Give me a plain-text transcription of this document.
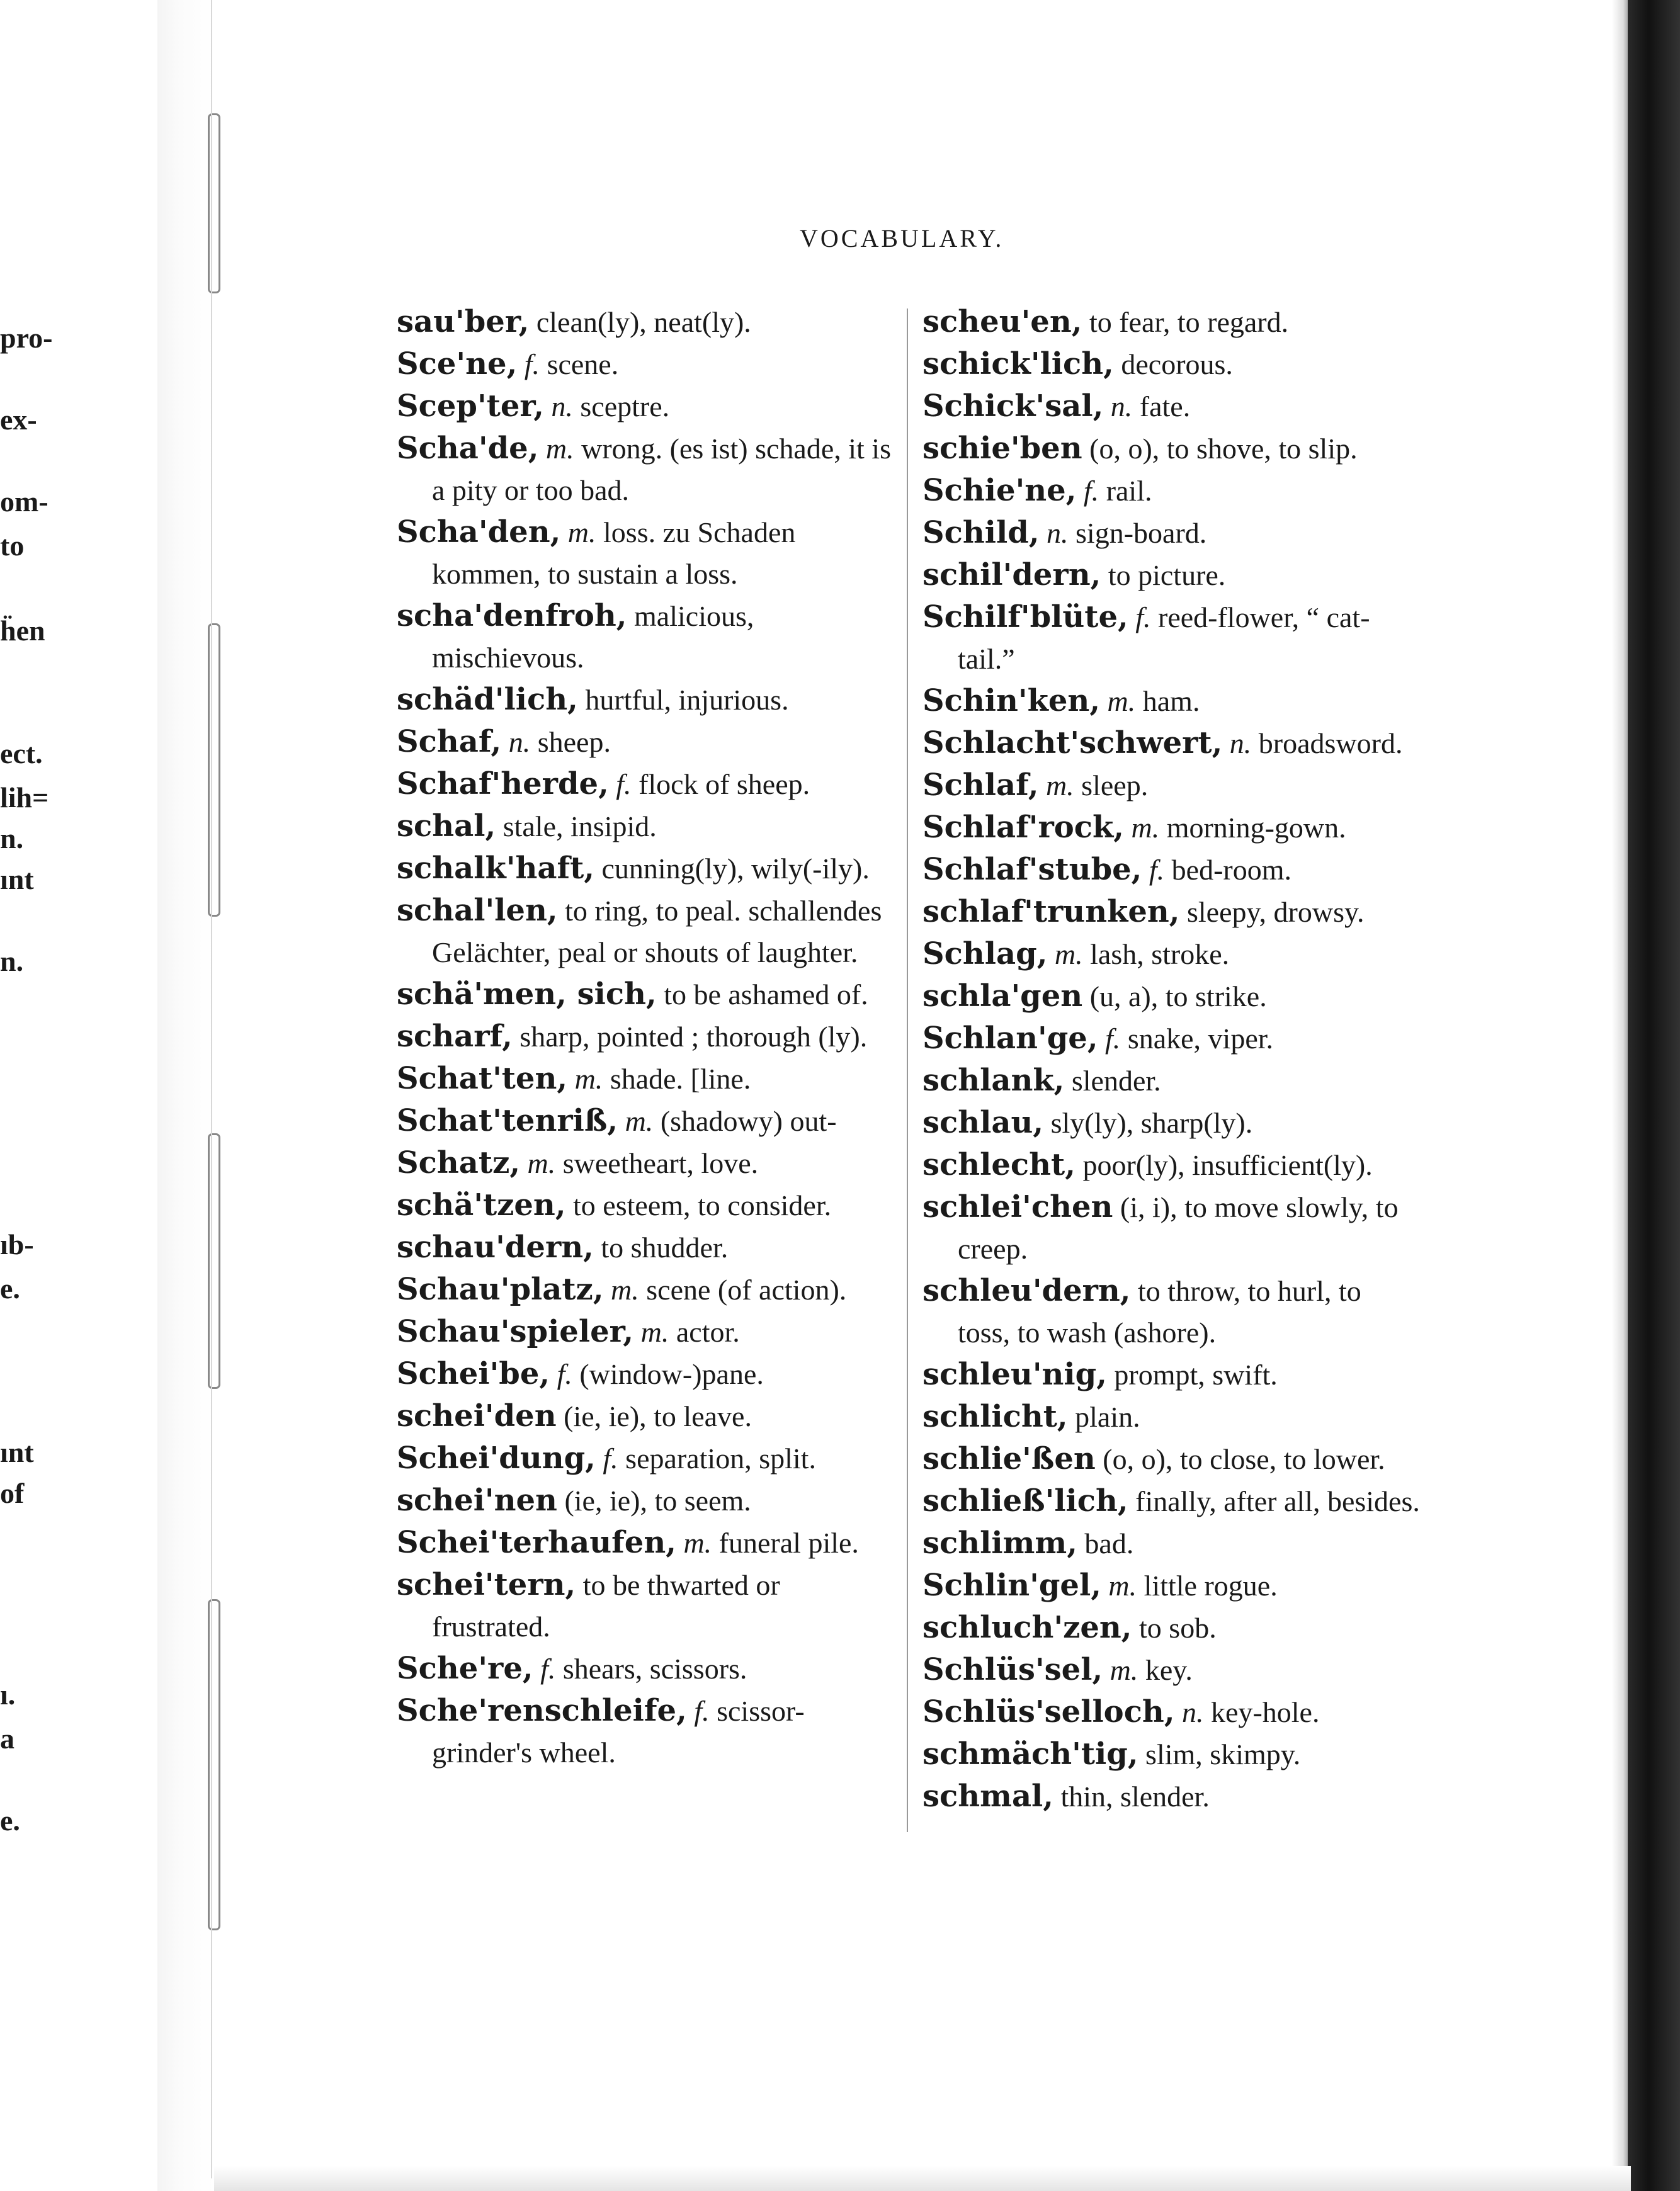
pro-
ex-
om-
to
ḧen
ect.
lih=
n.
ınt
n.
ıb-
e.
ınt
of
ı.
a
e.
VOCABULARY.
sau'ber, clean(ly), neat(ly).
Sce'ne, f. scene.
Scep'ter, n. sceptre.
Scha'de, m. wrong. (es ist) schade, it is a pity or too bad.
Scha'den, m. loss. zu Schaden kommen, to sustain a loss.
scha'denfroh, malicious, mischievous.
schäd'lich, hurtful, injurious.
Schaf, n. sheep.
Schaf'herde, f. flock of sheep.
schal, stale, insipid.
schalk'haft, cunning(ly), wily(-ily).
schal'len, to ring, to peal. schallendes Gelächter, peal or shouts of laughter.
schä'men, sich, to be ashamed of.
scharf, sharp, pointed ; thorough (ly).
Schat'ten, m. shade. [line.
Schat'tenriß, m. (shadowy) out-
Schatz, m. sweetheart, love.
schä'tzen, to esteem, to consider.
schau'dern, to shudder.
Schau'platz, m. scene (of action).
Schau'spieler, m. actor.
Schei'be, f. (window-)pane.
schei'den (ie, ie), to leave.
Schei'dung, f. separation, split.
schei'nen (ie, ie), to seem.
Schei'terhaufen, m. funeral pile.
schei'tern, to be thwarted or frustrated.
Sche're, f. shears, scissors.
Sche'renschleife, f. scissor-grinder's wheel.
scheu'en, to fear, to regard.
schick'lich, decorous.
Schick'sal, n. fate.
schie'ben (o, o), to shove, to slip.
Schie'ne, f. rail.
Schild, n. sign-board.
schil'dern, to picture.
Schilf'blüte, f. reed-flower, “ cat-tail.”
Schin'ken, m. ham.
Schlacht'schwert, n. broadsword.
Schlaf, m. sleep.
Schlaf'rock, m. morning-gown.
Schlaf'stube, f. bed-room.
schlaf'trunken, sleepy, drowsy.
Schlag, m. lash, stroke.
schla'gen (u, a), to strike.
Schlan'ge, f. snake, viper.
schlank, slender.
schlau, sly(ly), sharp(ly).
schlecht, poor(ly), insufficient(ly).
schlei'chen (i, i), to move slowly, to creep.
schleu'dern, to throw, to hurl, to toss, to wash (ashore).
schleu'nig, prompt, swift.
schlicht, plain.
schlie'ßen (o, o), to close, to lower.
schließ'lich, finally, after all, besides.
schlimm, bad.
Schlin'gel, m. little rogue.
schluch'zen, to sob.
Schlüs'sel, m. key.
Schlüs'selloch, n. key-hole.
schmäch'tig, slim, skimpy.
schmal, thin, slender.
